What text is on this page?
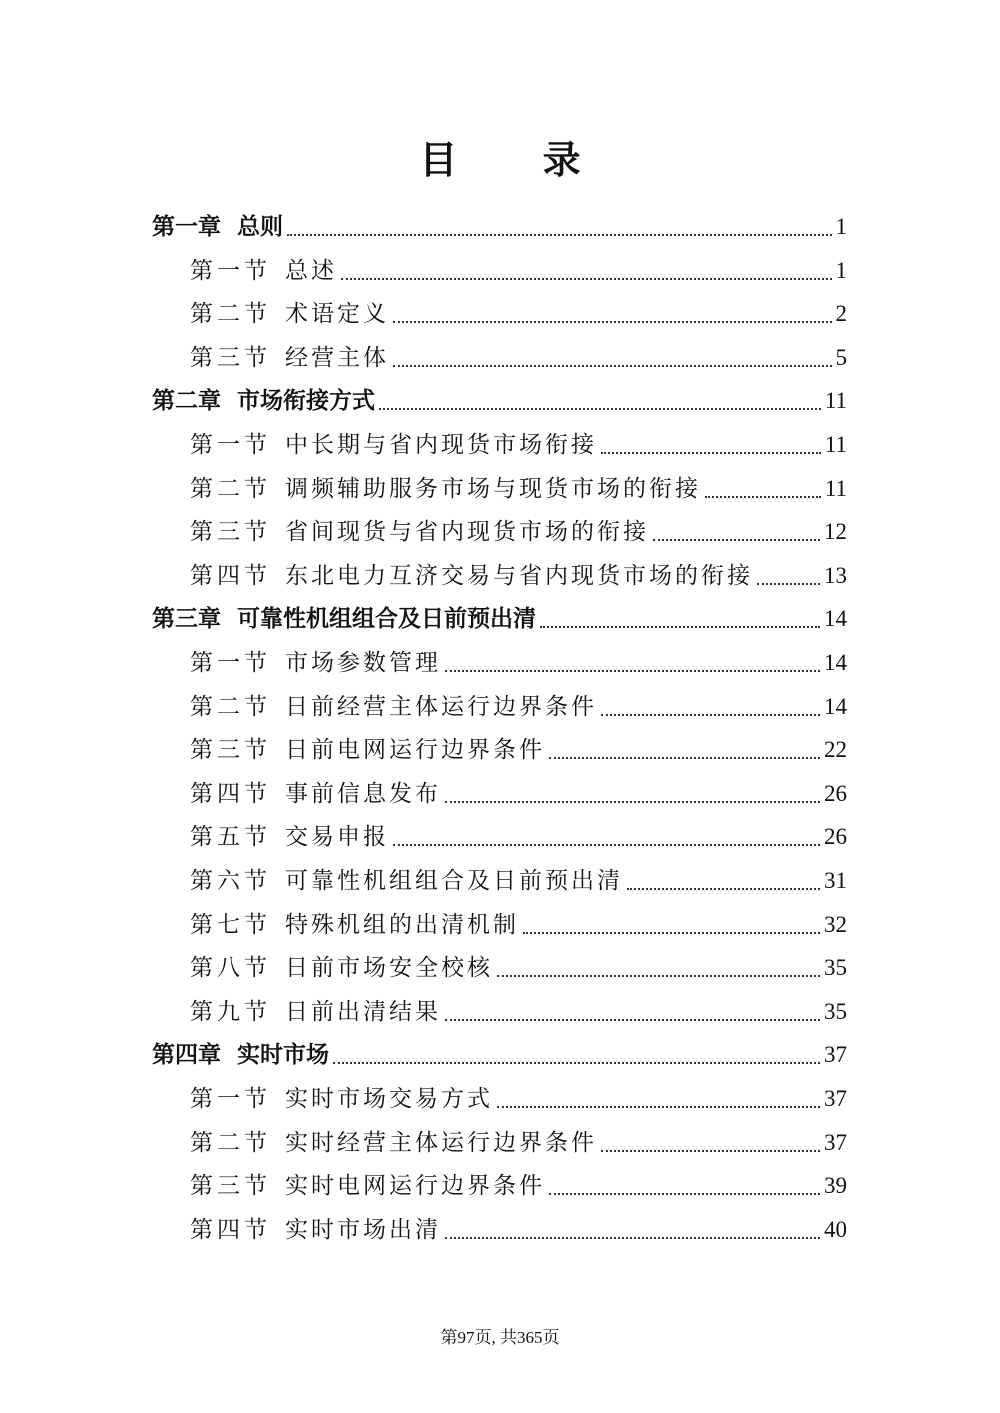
目 录
第一章 总则	1
第一节 总述	1
第二节 术语定义	2
第三节 经营主体	5
第二章 市场衔接方式	11
第一节 中长期与省内现货市场衔接	11
第二节 调频辅助服务市场与现货市场的衔接	11
第三节 省间现货与省内现货市场的衔接	12
第四节 东北电力互济交易与省内现货市场的衔接	13
第三章 可靠性机组组合及日前预出清	14
第一节 市场参数管理	14
第二节 日前经营主体运行边界条件	14
第三节 日前电网运行边界条件	22
第四节 事前信息发布	26
第五节 交易申报	26
第六节 可靠性机组组合及日前预出清	31
第七节 特殊机组的出清机制	32
第八节 日前市场安全校核	35
第九节 日前出清结果	35
第四章 实时市场	37
第一节 实时市场交易方式	37
第二节 实时经营主体运行边界条件	37
第三节 实时电网运行边界条件	39
第四节 实时市场出清	40
第97页, 共365页
